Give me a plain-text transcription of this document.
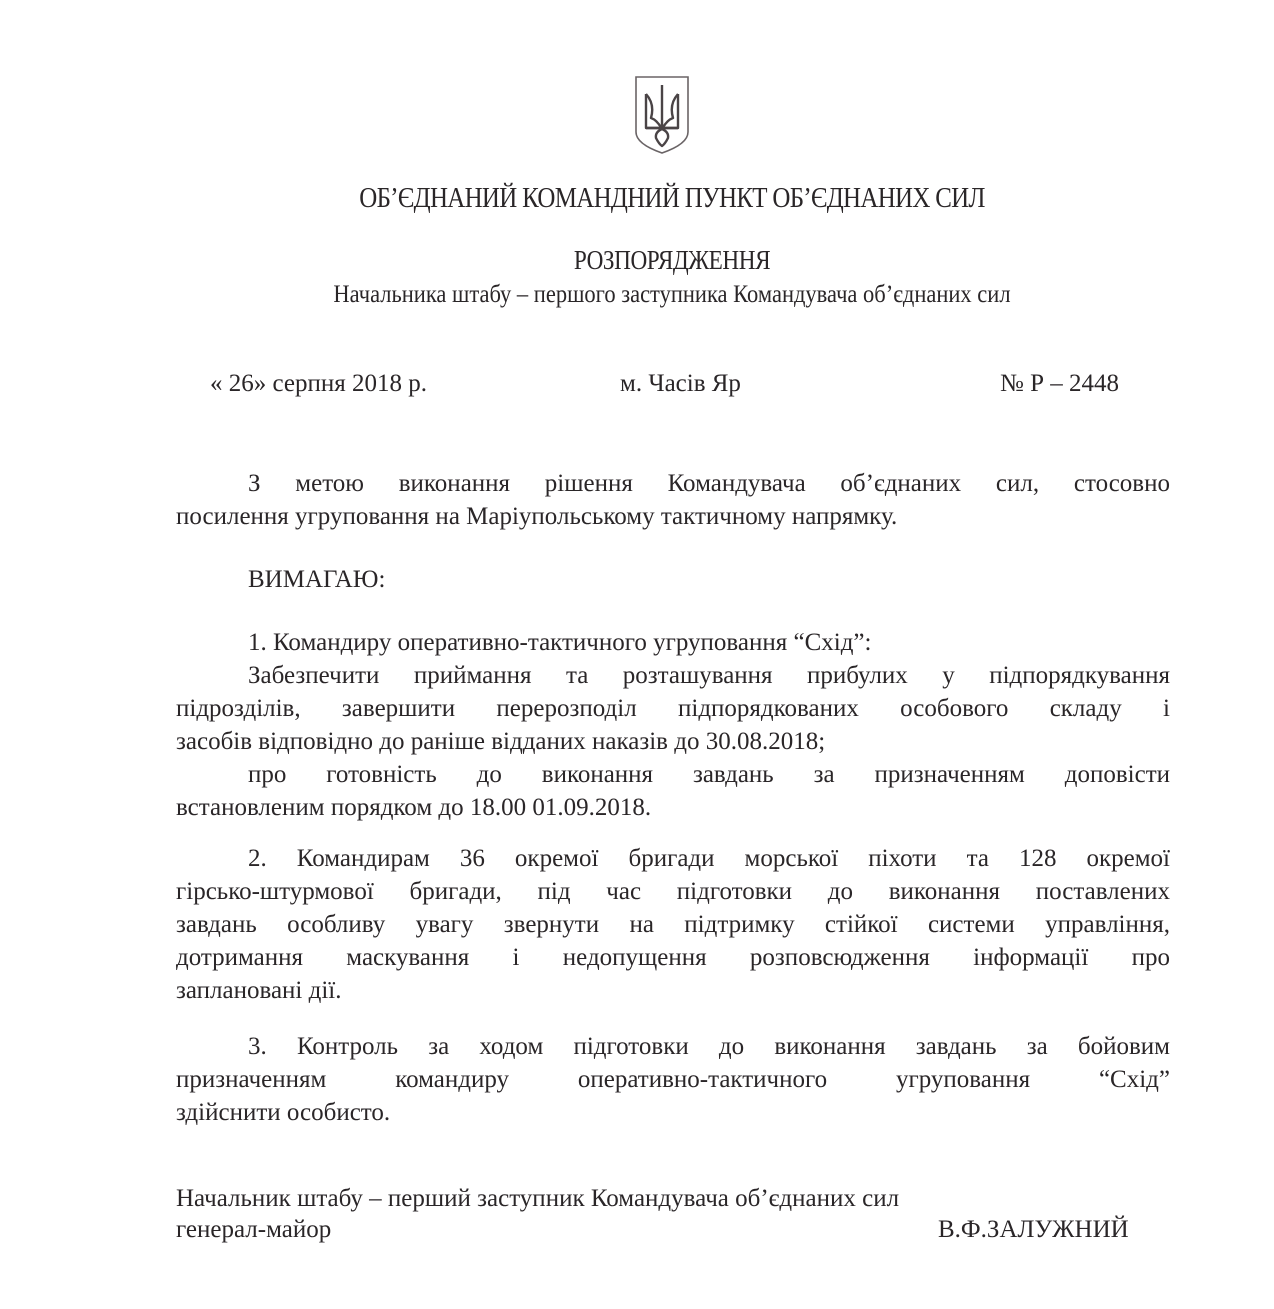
ОБ’ЄДНАНИЙ КОМАНДНИЙ ПУНКТ ОБ’ЄДНАНИХ СИЛ
РОЗПОРЯДЖЕННЯ
Начальника штабу – першого заступника Командувача об’єднаних сил
« 26» серпня 2018 р.	м. Часів Яр	№ Р – 2448
З метою виконання рішення Командувача об’єднаних сил, стосовно
посилення угруповання на Маріупольському тактичному напрямку.
ВИМАГАЮ:
1. Командиру оперативно-тактичного угруповання “Схід”:
Забезпечити приймання та розташування прибулих у підпорядкування
підрозділів, завершити перерозподіл підпорядкованих особового складу і
засобів відповідно до раніше відданих наказів до 30.08.2018;
про готовність до виконання завдань за призначенням доповісти
встановленим порядком до 18.00 01.09.2018.
2. Командирам 36 окремої бригади морської піхоти та 128 окремої
гірсько-штурмової бригади, під час підготовки до виконання поставлених
завдань особливу увагу звернути на підтримку стійкої системи управління,
дотримання маскування і недопущення розповсюдження інформації про
заплановані дії.
3. Контроль за ходом підготовки до виконання завдань за бойовим
призначенням командиру оперативно-тактичного угруповання “Схід”
здійснити особисто.
Начальник штабу – перший заступник Командувача об’єднаних сил
генерал-майор	В.Ф.ЗАЛУЖНИЙ
